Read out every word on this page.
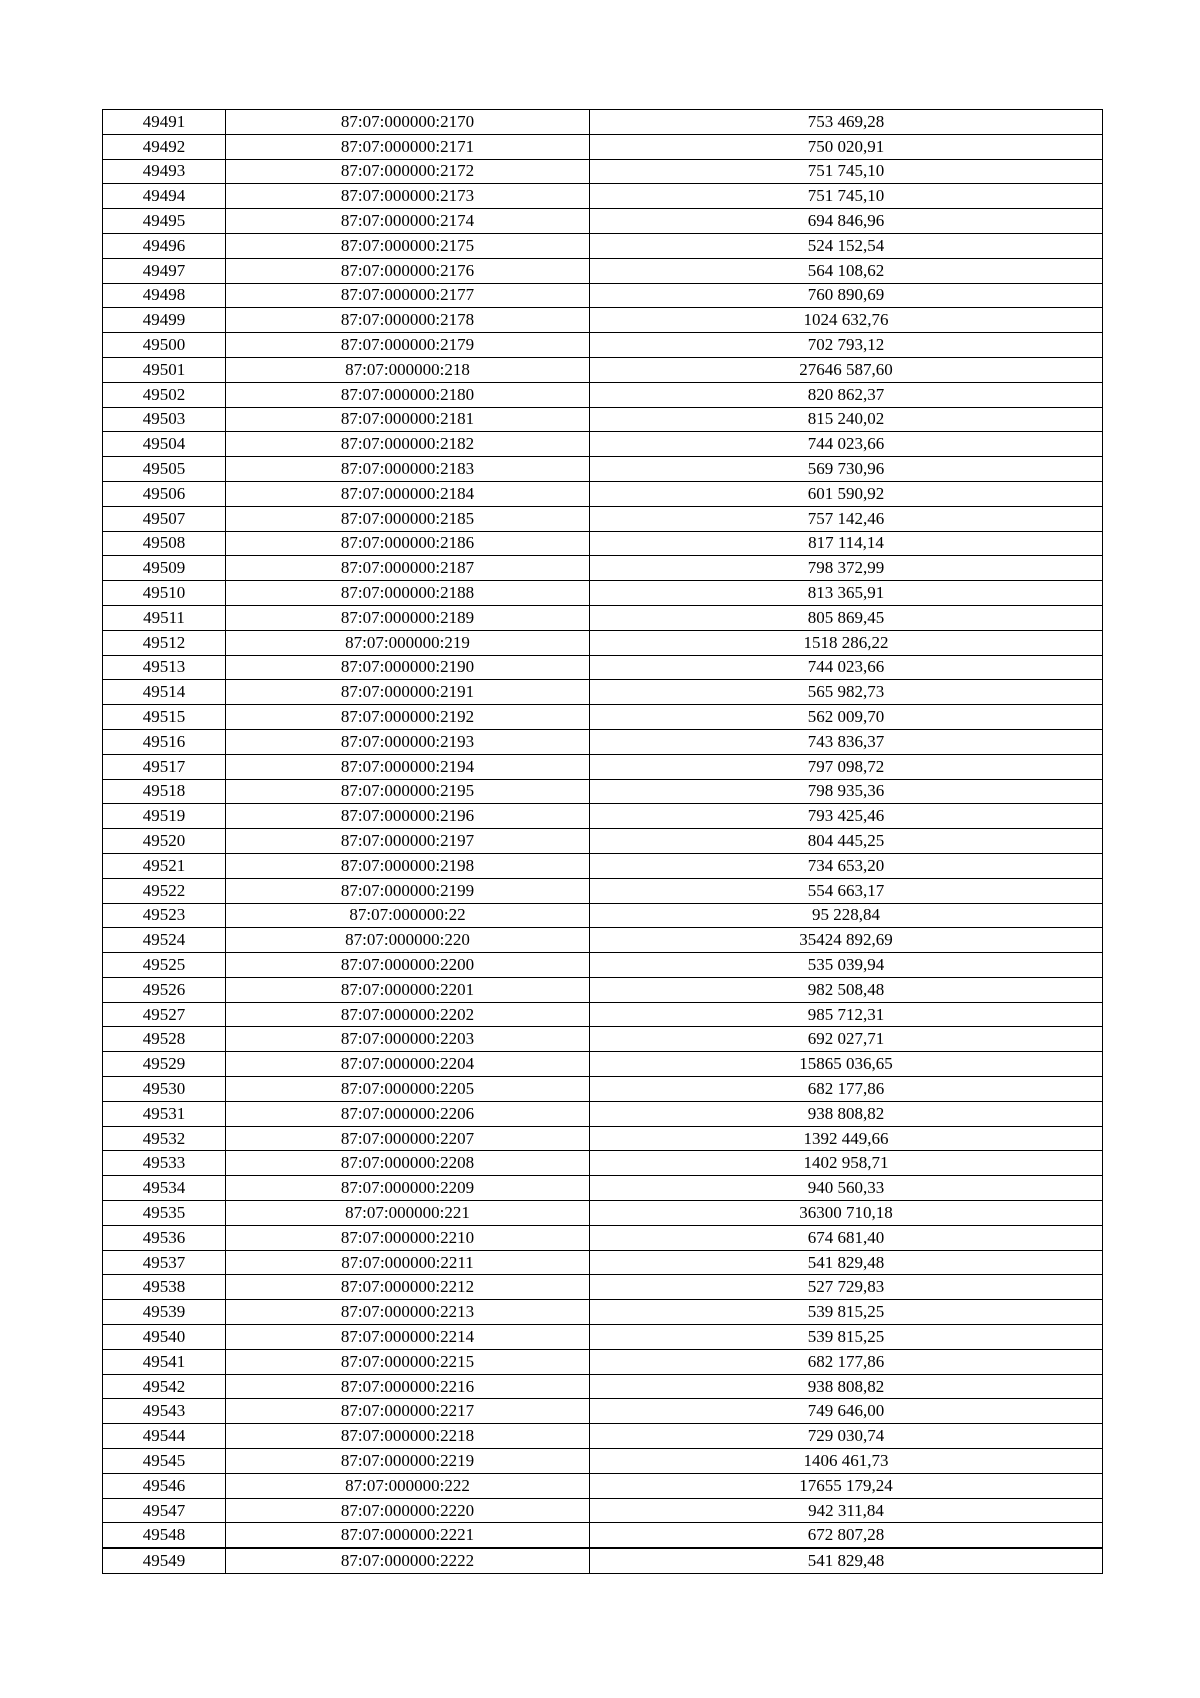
49491	87:07:000000:2170	753 469,28
49492	87:07:000000:2171	750 020,91
49493	87:07:000000:2172	751 745,10
49494	87:07:000000:2173	751 745,10
49495	87:07:000000:2174	694 846,96
49496	87:07:000000:2175	524 152,54
49497	87:07:000000:2176	564 108,62
49498	87:07:000000:2177	760 890,69
49499	87:07:000000:2178	1024 632,76
49500	87:07:000000:2179	702 793,12
49501	87:07:000000:218	27646 587,60
49502	87:07:000000:2180	820 862,37
49503	87:07:000000:2181	815 240,02
49504	87:07:000000:2182	744 023,66
49505	87:07:000000:2183	569 730,96
49506	87:07:000000:2184	601 590,92
49507	87:07:000000:2185	757 142,46
49508	87:07:000000:2186	817 114,14
49509	87:07:000000:2187	798 372,99
49510	87:07:000000:2188	813 365,91
49511	87:07:000000:2189	805 869,45
49512	87:07:000000:219	1518 286,22
49513	87:07:000000:2190	744 023,66
49514	87:07:000000:2191	565 982,73
49515	87:07:000000:2192	562 009,70
49516	87:07:000000:2193	743 836,37
49517	87:07:000000:2194	797 098,72
49518	87:07:000000:2195	798 935,36
49519	87:07:000000:2196	793 425,46
49520	87:07:000000:2197	804 445,25
49521	87:07:000000:2198	734 653,20
49522	87:07:000000:2199	554 663,17
49523	87:07:000000:22	95 228,84
49524	87:07:000000:220	35424 892,69
49525	87:07:000000:2200	535 039,94
49526	87:07:000000:2201	982 508,48
49527	87:07:000000:2202	985 712,31
49528	87:07:000000:2203	692 027,71
49529	87:07:000000:2204	15865 036,65
49530	87:07:000000:2205	682 177,86
49531	87:07:000000:2206	938 808,82
49532	87:07:000000:2207	1392 449,66
49533	87:07:000000:2208	1402 958,71
49534	87:07:000000:2209	940 560,33
49535	87:07:000000:221	36300 710,18
49536	87:07:000000:2210	674 681,40
49537	87:07:000000:2211	541 829,48
49538	87:07:000000:2212	527 729,83
49539	87:07:000000:2213	539 815,25
49540	87:07:000000:2214	539 815,25
49541	87:07:000000:2215	682 177,86
49542	87:07:000000:2216	938 808,82
49543	87:07:000000:2217	749 646,00
49544	87:07:000000:2218	729 030,74
49545	87:07:000000:2219	1406 461,73
49546	87:07:000000:222	17655 179,24
49547	87:07:000000:2220	942 311,84
49548	87:07:000000:2221	672 807,28
49549	87:07:000000:2222	541 829,48
